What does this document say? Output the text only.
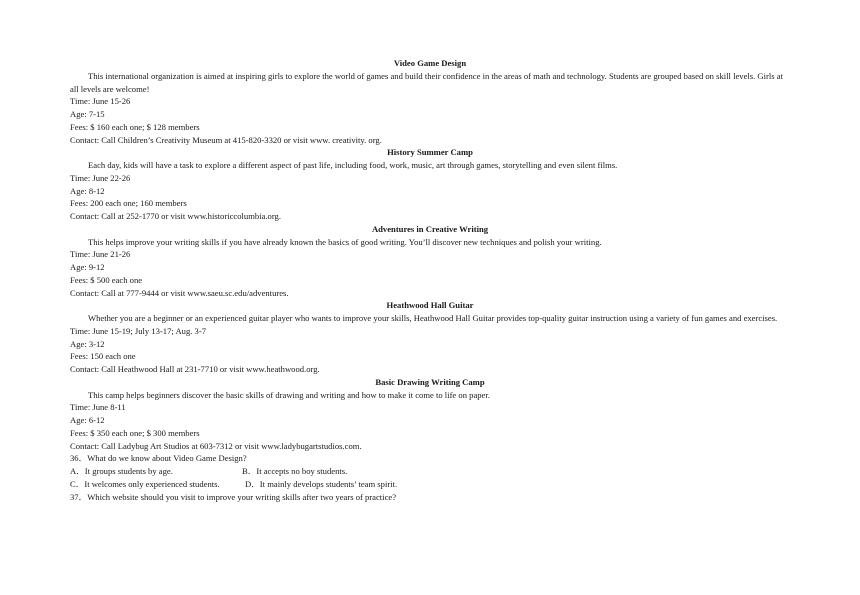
Video Game Design
This international organization is aimed at inspiring girls to explore the world of games and build their confidence in the areas of math and technology. Students are grouped based on skill levels. Girls at all levels are welcome!
Time: June 15-26
Age: 7-15
Fees: $ 160 each one; $ 128 members
Contact: Call Children’s Creativity Museum at 415-820-3320 or visit www. creativity. org.
History Summer Camp
Each day, kids will have a task to explore a different aspect of past life, including food, work, music, art through games, storytelling and even silent films.
Time: June 22-26
Age: 8-12
Fees: 200 each one; 160 members
Contact: Call at 252-1770 or visit www.historiccolumbia.org.
Adventures in Creative Writing
This helps improve your writing skills if you have already known the basics of good writing. You’ll discover new techniques and polish your writing.
Time: June 21-26
Age: 9-12
Fees: $ 500 each one
Contact: Call at 777-9444 or visit www.saeu.sc.edu/adventures.
Heathwood Hall Guitar
Whether you are a beginner or an experienced guitar player who wants to improve your skills, Heathwood Hall Guitar provides top-quality guitar instruction using a variety of fun games and exercises.
Time: June 15-19; July 13-17; Aug. 3-7
Age: 3-12
Fees: 150 each one
Contact: Call Heathwood Hall at 231-7710 or visit www.heathwood.org.
Basic Drawing Writing Camp
This camp helps beginners discover the basic skills of drawing and writing and how to make it come to life on paper.
Time: June 8-11
Age: 6-12
Fees: $ 350 each one; $ 300 members
Contact: Call Ladybug Art Studios at 603-7312 or visit www.ladybugartstudios.com.
36．What do we know about Video Game Design?
A．It groups students by age.	B．It accepts no boy students.
C．It welcomes only experienced students.	D．It mainly develops students’ team spirit.
37．Which website should you visit to improve your writing skills after two years of practice?
